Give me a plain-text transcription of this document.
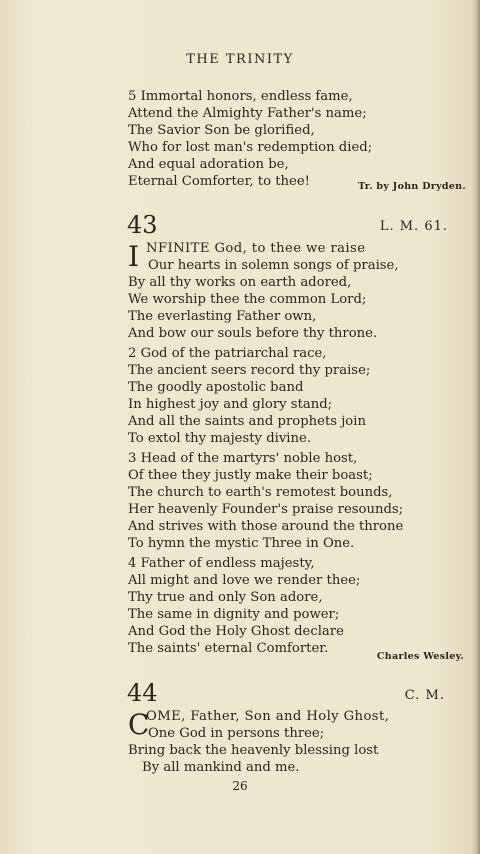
THE TRINITY
5 Immortal honors, endless fame,
Attend the Almighty Father's name;
The Savior Son be glorified,
Who for lost man's redemption died;
And equal adoration be,
Eternal Comforter, to thee!	Tr. by John Dryden.
43	L. M. 61.
I NFINITE God, to thee we raise
Our hearts in solemn songs of praise,
By all thy works on earth adored,
We worship thee the common Lord;
The everlasting Father own,
And bow our souls before thy throne.
2 God of the patriarchal race,
The ancient seers record thy praise;
The goodly apostolic band
In highest joy and glory stand;
And all the saints and prophets join
To extol thy majesty divine.
3 Head of the martyrs' noble host,
Of thee they justly make their boast;
The church to earth's remotest bounds,
Her heavenly Founder's praise resounds;
And strives with those around the throne
To hymn the mystic Three in One.
4 Father of endless majesty,
All might and love we render thee;
Thy true and only Son adore,
The same in dignity and power;
And God the Holy Ghost declare
The saints' eternal Comforter.
Charles Wesley.
44	C. M.
C
OME, Father, Son and Holy Ghost,
One God in persons three;
Bring back the heavenly blessing lost
By all mankind and me.
26
